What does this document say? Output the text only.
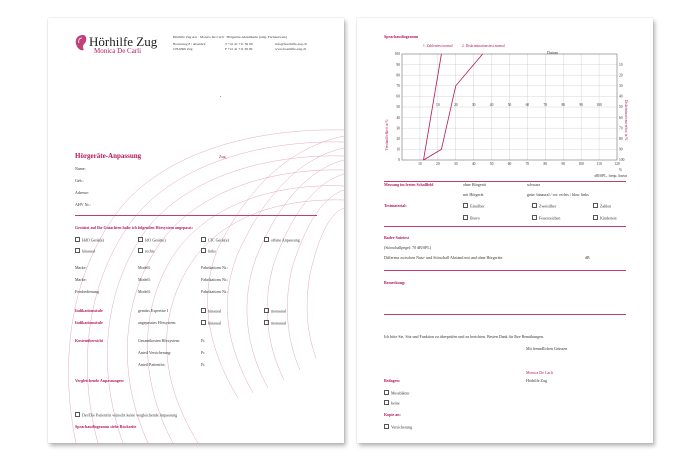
Hörhilfe Zug
Monica De Carli
Hörhilfe Zug AG · Monica De Carli · Hörgeräte-Akustikerin (eidg. Fachausweis)
Bosenweg 8 / Alsenhof
CH-6300 Zug
T +41 41 711 36 09
F +41 41 711 36 09
info@hoerhilfe-zug.ch
www.hoerhilfe-zug.ch
Hörgeräte-Anpassung	Zug,
Name:
Geb.:
Adresse:
AHV Nr.:
Gestützt auf Ihr Gutachten habe ich folgenden Hörsystem angepasst:
HdO Gerät(e)	IdO Gerät(e)	CIC Gerät(e)	offene Anpassung
binaural	rechts	links
Marke:	Modell:	Fabrikations Nr.:
Marke:	Modell:	Fabrikations Nr.:
Fernbedienung	Modell:	Fabrikations Nr.:
Indikationsstufe	gemäss Expertise I	binaural	monaural
Indikationsstufe	angepasstes Hörsystem:	binaural	monaural
Kostenübersicht	Gesamtkosten Hörsystem:	Fr.
Anteil Versicherung:	Fr.
Anteil Patient/in:	Fr.
Vergleichende Anpassungen:
Der/Die Patient/in wünscht keine vergleichende Anpassung
Sprachaudiogramm siehe Rückseite
Sprachaudiogramm
0
10
20
30
40
50
60
70
80
90
100
10
20
30
40
50
60
70
80
90
100
10	20	30	40	50	60	70	80	90	100	110	120
10	20	30	40	50	60	70	80	90	100
Verständlichkeit in %	Diskriminationsverlust in %
Datum
%
dB/SPL, frequ. linear
1. Zahlentest normal	2. Diskriminationstest normal
Messung im freien Schallfeld	ohne Hörgerät	schwarz
mit Hörgerät	grün: binaural / rot: rechts / blau: links
Testmaterial:	Einsilber	Zweisilber	Zahlen
Bravo	Feuerzeichen	Kindertest
Bader-Satztest
(Störschallpegel: 70 dB/SPL)
Differenz zwischen Nutz- und Störschall Abstand mit und ohne Hörgeräte	dB
Bemerkung:
Ich bitte Sie, Sitz und Funktion zu überprüfen und zu berichten. Besten Dank für Ihre Bemühungen.
Mit freundlichen Grüssen
Monica De Carli
Hörhilfe Zug
Beilagen:
Messblätter
keine
Kopie an:
Versicherung
